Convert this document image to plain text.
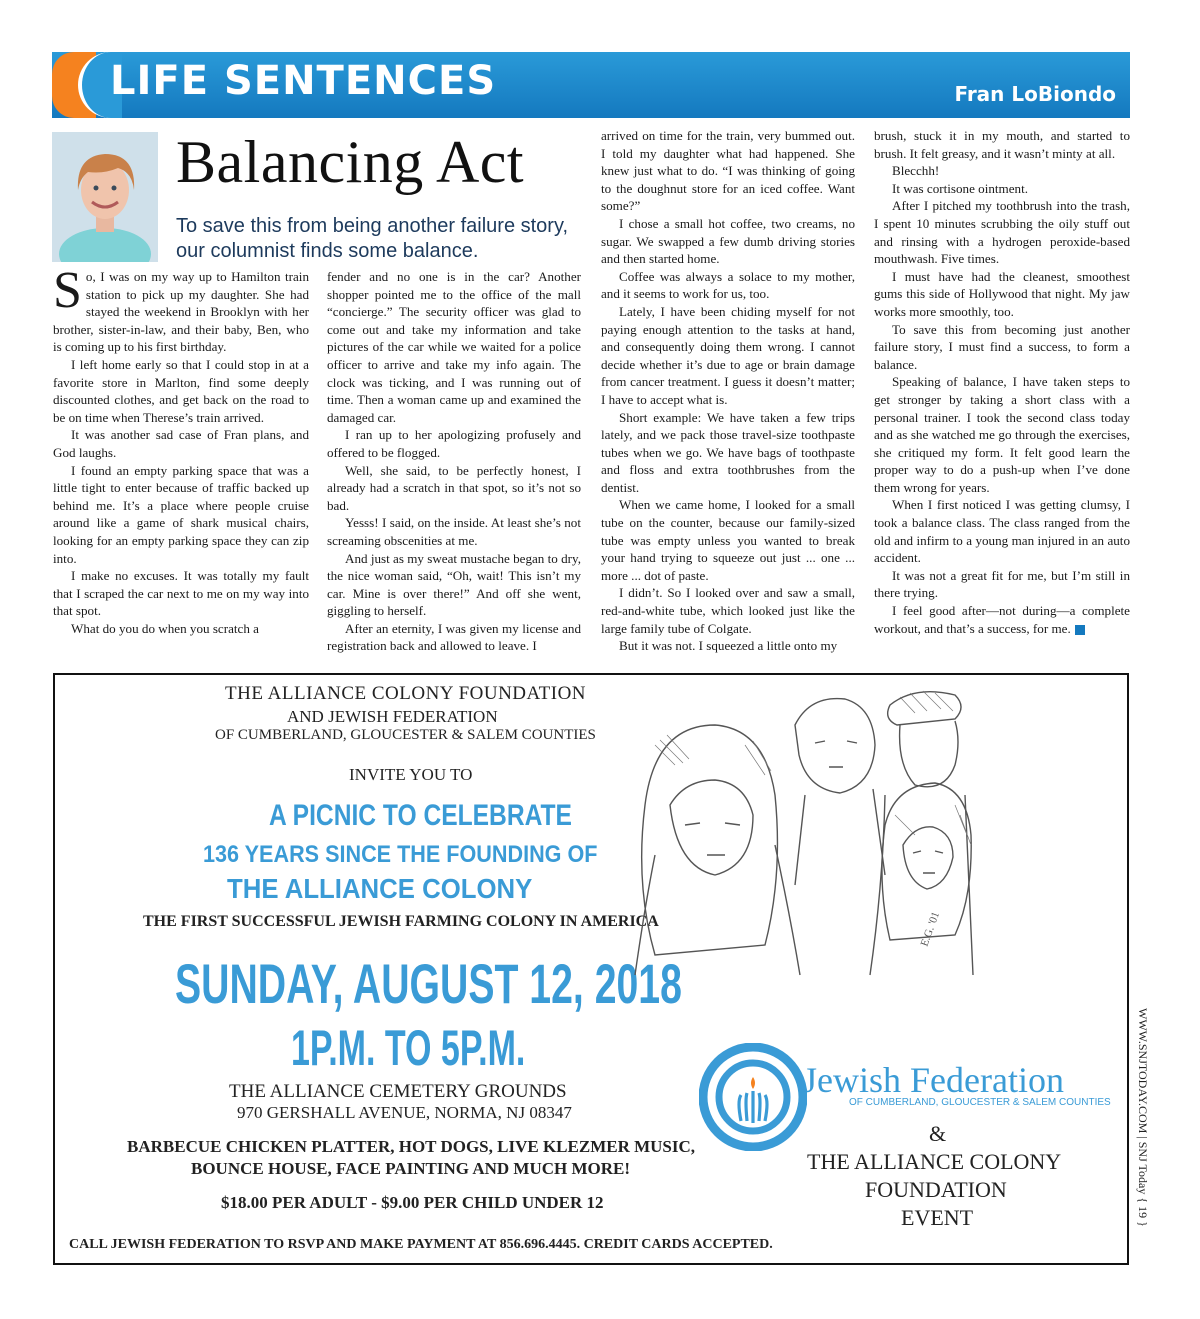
LIFE SENTENCES	Fran LoBiondo
Balancing Act
To save this from being another failure story, our columnist finds some balance.

So, I was on my way up to Hamilton train station to pick up my daughter. She had stayed the weekend in Brooklyn with her brother, sister-in-law, and their baby, Ben, who is coming up to his first birthday.

I left home early so that I could stop in at a favorite store in Marlton, find some deeply discounted clothes, and get back on the road to be on time when Therese’s train arrived.

It was another sad case of Fran plans, and God laughs.

I found an empty parking space that was a little tight to enter because of traffic backed up behind me. It’s a place where people cruise around like a game of shark musical chairs, looking for an empty parking space they can zip into.

I make no excuses. It was totally my fault that I scraped the car next to me on my way into that spot.

What do you do when you scratch a

fender and no one is in the car? Another shopper pointed me to the office of the mall “concierge.” The security officer was glad to come out and take my information and take pictures of the car while we waited for a police officer to arrive and take my info again. The clock was ticking, and I was running out of time. Then a woman came up and examined the damaged car.

I ran up to her apologizing profusely and offered to be flogged.

Well, she said, to be perfectly honest, I already had a scratch in that spot, so it’s not so bad.

Yesss! I said, on the inside. At least she’s not screaming obscenities at me.

And just as my sweat mustache began to dry, the nice woman said, “Oh, wait! This isn’t my car. Mine is over there!” And off she went, giggling to herself.

After an eternity, I was given my license and registration back and allowed to leave. I

arrived on time for the train, very bummed out. I told my daughter what had happened. She knew just what to do. “I was thinking of going to the doughnut store for an iced coffee. Want some?”

I chose a small hot coffee, two creams, no sugar. We swapped a few dumb driving stories and then started home.

Coffee was always a solace to my mother, and it seems to work for us, too.

Lately, I have been chiding myself for not paying enough attention to the tasks at hand, and consequently doing them wrong. I cannot decide whether it’s due to age or brain damage from cancer treatment. I guess it doesn’t matter; I have to accept what is.

Short example: We have taken a few trips lately, and we pack those travel-size toothpaste tubes when we go. We have bags of toothpaste and floss and extra toothbrushes from the dentist.

When we came home, I looked for a small tube on the counter, because our family-sized tube was empty unless you wanted to break your hand trying to squeeze out just ... one ... more ... dot of paste.

I didn’t. So I looked over and saw a small, red-and-white tube, which looked just like the large family tube of Colgate.

But it was not. I squeezed a little onto my

brush, stuck it in my mouth, and started to brush. It felt greasy, and it wasn’t minty at all.

Blecchh!

It was cortisone ointment.

After I pitched my toothbrush into the trash, I spent 10 minutes scrubbing the oily stuff out and rinsing with a hydrogen peroxide-based mouthwash. Five times.

I must have had the cleanest, smoothest gums this side of Hollywood that night. My jaw works more smoothly, too.

To save this from becoming just another failure story, I must find a success, to form a balance.

Speaking of balance, I have taken steps to get stronger by taking a short class with a personal trainer. I took the second class today and as she watched me go through the exercises, she critiqued my form. It felt good learn the proper way to do a push-up when I’ve done them wrong for years.

When I first noticed I was getting clumsy, I took a balance class. The class ranged from the old and infirm to a young man injured in an auto accident.

It was not a great fit for me, but I’m still in there trying.

I feel good after—not during—a complete workout, and that’s a success, for me.

THE ALLIANCE COLONY FOUNDATION
AND JEWISH FEDERATION
OF CUMBERLAND, GLOUCESTER & SALEM COUNTIES
INVITE YOU TO
A PICNIC TO CELEBRATE
136 YEARS SINCE THE FOUNDING OF
THE ALLIANCE COLONY
THE FIRST SUCCESSFUL JEWISH FARMING COLONY IN AMERICA
SUNDAY, AUGUST 12, 2018
1P.M. TO 5P.M.
THE ALLIANCE CEMETERY GROUNDS
970 GERSHALL AVENUE, NORMA, NJ 08347
BARBECUE CHICKEN PLATTER, HOT DOGS, LIVE KLEZMER MUSIC,
BOUNCE HOUSE, FACE PAINTING AND MUCH MORE!
$18.00 PER ADULT - $9.00 PER CHILD UNDER 12
CALL JEWISH FEDERATION TO RSVP AND MAKE PAYMENT AT 856.696.4445. CREDIT CARDS ACCEPTED.
E.G. '01
Jewish Federation
OF CUMBERLAND, GLOUCESTER & SALEM COUNTIES
&
THE ALLIANCE COLONY
FOUNDATION
EVENT	WWW.SNJTODAY.COM | SNJ Today { 19 }
